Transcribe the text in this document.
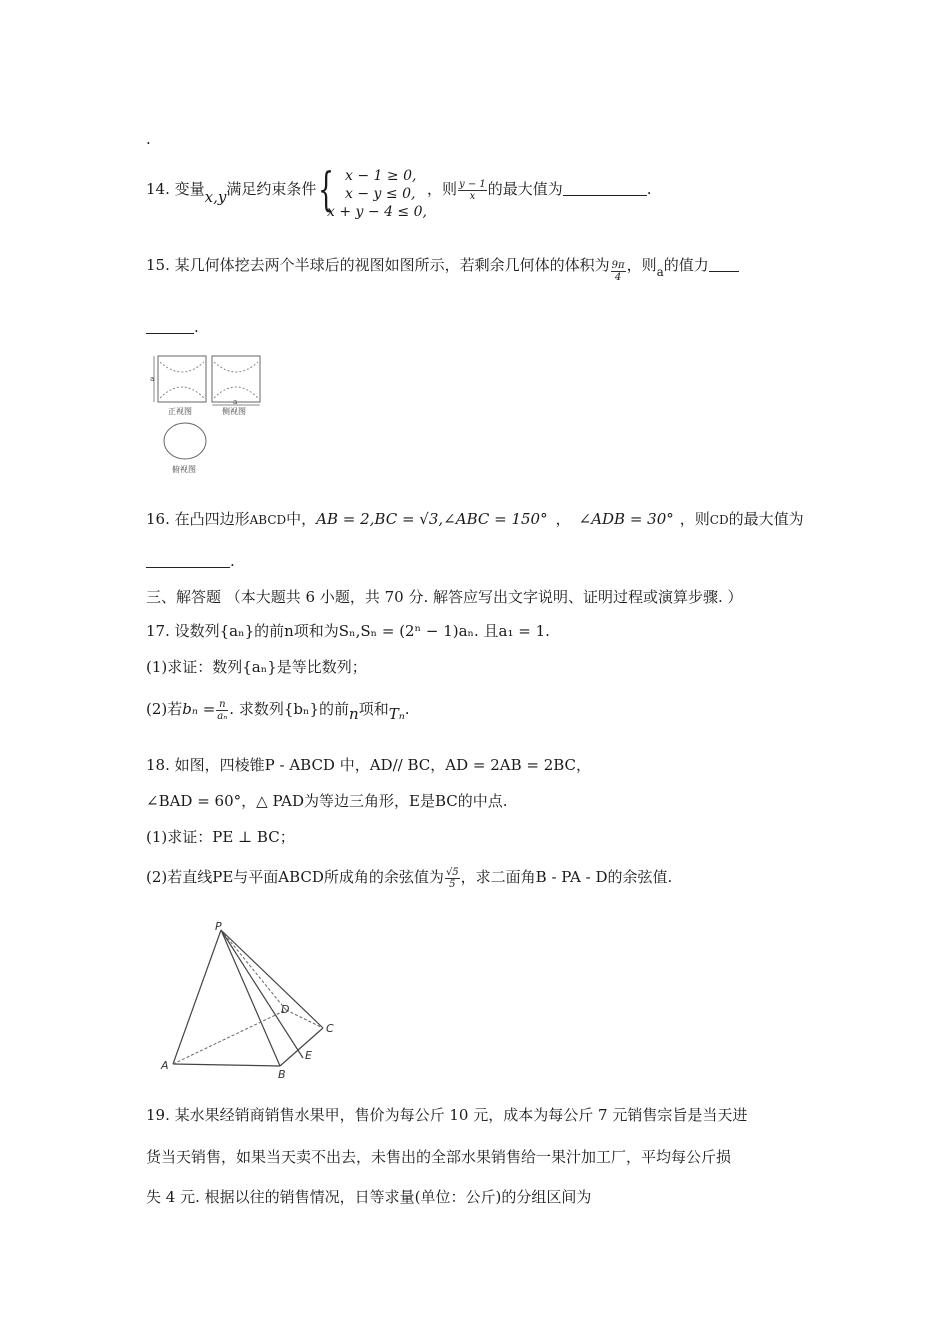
.
14. 变量x,y满足约束条件 { x − 1 ≥ 0,
x − y ≤ 0,
x + y − 4 ≤ 0,
，则 $\frac{y - 1}{x}$ 的最大值为	.
15. 某几何体挖去两个半球后的视图如图所示，若剩余几何体的体积为 $\frac{9\pi}{4}$ ，则$_a$的值力
.
a
正视图
a
侧视图
俯视图
16. 在凸四边形ABCD中，AB = 2,BC = √3,∠ABC = 150° ， ∠ADB = 30° ，则CD的最大值为
.
三、解答题 （本大题共 6 小题，共 70 分. 解答应写出文字说明、证明过程或演算步骤. ）
17. 设数列{aₙ}的前n项和为Sₙ,Sₙ = (2ⁿ − 1)aₙ. 且a₁ = 1.
(1)求证：数列{aₙ}是等比数列；
(2)若$b_n = \frac{n}{\text{aₙ}}$ . 求数列{bₙ}的前n项和Tₙ.
18. 如图，四棱锥P - ABCD 中，AD// BC，AD = 2AB = 2BC，
∠BAD = 60°，△ PAD为等边三角形，E是BC的中点.
(1)求证：PE ⊥ BC；
(2)若直线PE与平面ABCD所成角的余弦值为 $\frac{√5}{5}$ ，求二面角B - PA - D的余弦值.
P
A
B
C
D
E
19. 某水果经销商销售水果甲，售价为每公斤 10 元，成本为每公斤 7 元销售宗旨是当天进
货当天销售，如果当天卖不出去，未售出的全部水果销售给一果汁加工厂，平均每公斤损
失 4 元. 根据以往的销售情况，日等求量(单位：公斤)的分组区间为
